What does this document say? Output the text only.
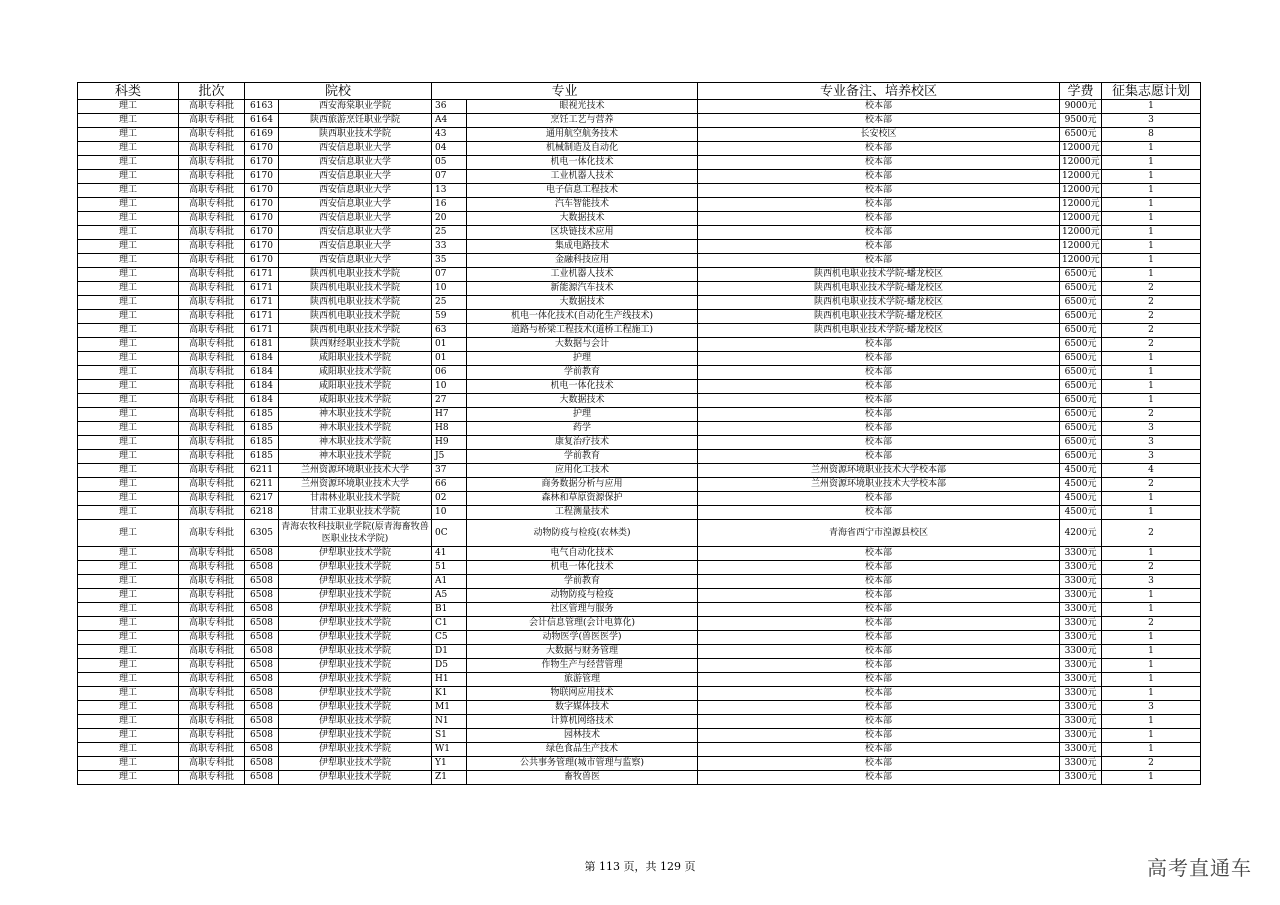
科类	批次	院校		专业		专业备注、培养校区	学费	征集志愿计划
理工	高职专科批	6163	西安海棠职业学院	36	眼视光技术	校本部	9000元	1
理工	高职专科批	6164	陕西旅游烹饪职业学院	A4	烹饪工艺与营养	校本部	9500元	3
理工	高职专科批	6169	陕西职业技术学院	43	通用航空航务技术	长安校区	6500元	8
理工	高职专科批	6170	西安信息职业大学	04	机械制造及自动化	校本部	12000元	1
理工	高职专科批	6170	西安信息职业大学	05	机电一体化技术	校本部	12000元	1
理工	高职专科批	6170	西安信息职业大学	07	工业机器人技术	校本部	12000元	1
理工	高职专科批	6170	西安信息职业大学	13	电子信息工程技术	校本部	12000元	1
理工	高职专科批	6170	西安信息职业大学	16	汽车智能技术	校本部	12000元	1
理工	高职专科批	6170	西安信息职业大学	20	大数据技术	校本部	12000元	1
理工	高职专科批	6170	西安信息职业大学	25	区块链技术应用	校本部	12000元	1
理工	高职专科批	6170	西安信息职业大学	33	集成电路技术	校本部	12000元	1
理工	高职专科批	6170	西安信息职业大学	35	金融科技应用	校本部	12000元	1
理工	高职专科批	6171	陕西机电职业技术学院	07	工业机器人技术	陕西机电职业技术学院-蟠龙校区	6500元	1
理工	高职专科批	6171	陕西机电职业技术学院	10	新能源汽车技术	陕西机电职业技术学院-蟠龙校区	6500元	2
理工	高职专科批	6171	陕西机电职业技术学院	25	大数据技术	陕西机电职业技术学院-蟠龙校区	6500元	2
理工	高职专科批	6171	陕西机电职业技术学院	59	机电一体化技术(自动化生产线技术)	陕西机电职业技术学院-蟠龙校区	6500元	2
理工	高职专科批	6171	陕西机电职业技术学院	63	道路与桥梁工程技术(道桥工程施工)	陕西机电职业技术学院-蟠龙校区	6500元	2
理工	高职专科批	6181	陕西财经职业技术学院	01	大数据与会计	校本部	6500元	2
理工	高职专科批	6184	咸阳职业技术学院	01	护理	校本部	6500元	1
理工	高职专科批	6184	咸阳职业技术学院	06	学前教育	校本部	6500元	1
理工	高职专科批	6184	咸阳职业技术学院	10	机电一体化技术	校本部	6500元	1
理工	高职专科批	6184	咸阳职业技术学院	27	大数据技术	校本部	6500元	1
理工	高职专科批	6185	神木职业技术学院	H7	护理	校本部	6500元	2
理工	高职专科批	6185	神木职业技术学院	H8	药学	校本部	6500元	3
理工	高职专科批	6185	神木职业技术学院	H9	康复治疗技术	校本部	6500元	3
理工	高职专科批	6185	神木职业技术学院	J5	学前教育	校本部	6500元	3
理工	高职专科批	6211	兰州资源环境职业技术大学	37	应用化工技术	兰州资源环境职业技术大学校本部	4500元	4
理工	高职专科批	6211	兰州资源环境职业技术大学	66	商务数据分析与应用	兰州资源环境职业技术大学校本部	4500元	2
理工	高职专科批	6217	甘肃林业职业技术学院	02	森林和草原资源保护	校本部	4500元	1
理工	高职专科批	6218	甘肃工业职业技术学院	10	工程测量技术	校本部	4500元	1
理工	高职专科批	6305	青海农牧科技职业学院(原青海畜牧兽医职业技术学院)	0C	动物防疫与检疫(农林类)	青海省西宁市湟源县校区	4200元	2
理工	高职专科批	6508	伊犁职业技术学院	41	电气自动化技术	校本部	3300元	1
理工	高职专科批	6508	伊犁职业技术学院	51	机电一体化技术	校本部	3300元	2
理工	高职专科批	6508	伊犁职业技术学院	A1	学前教育	校本部	3300元	3
理工	高职专科批	6508	伊犁职业技术学院	A5	动物防疫与检疫	校本部	3300元	1
理工	高职专科批	6508	伊犁职业技术学院	B1	社区管理与服务	校本部	3300元	1
理工	高职专科批	6508	伊犁职业技术学院	C1	会计信息管理(会计电算化)	校本部	3300元	2
理工	高职专科批	6508	伊犁职业技术学院	C5	动物医学(兽医医学)	校本部	3300元	1
理工	高职专科批	6508	伊犁职业技术学院	D1	大数据与财务管理	校本部	3300元	1
理工	高职专科批	6508	伊犁职业技术学院	D5	作物生产与经营管理	校本部	3300元	1
理工	高职专科批	6508	伊犁职业技术学院	H1	旅游管理	校本部	3300元	1
理工	高职专科批	6508	伊犁职业技术学院	K1	物联网应用技术	校本部	3300元	1
理工	高职专科批	6508	伊犁职业技术学院	M1	数字媒体技术	校本部	3300元	3
理工	高职专科批	6508	伊犁职业技术学院	N1	计算机网络技术	校本部	3300元	1
理工	高职专科批	6508	伊犁职业技术学院	S1	园林技术	校本部	3300元	1
理工	高职专科批	6508	伊犁职业技术学院	W1	绿色食品生产技术	校本部	3300元	1
理工	高职专科批	6508	伊犁职业技术学院	Y1	公共事务管理(城市管理与监察)	校本部	3300元	2
理工	高职专科批	6508	伊犁职业技术学院	Z1	畜牧兽医	校本部	3300元	1
第 113 页，共 129 页	高考直通车
